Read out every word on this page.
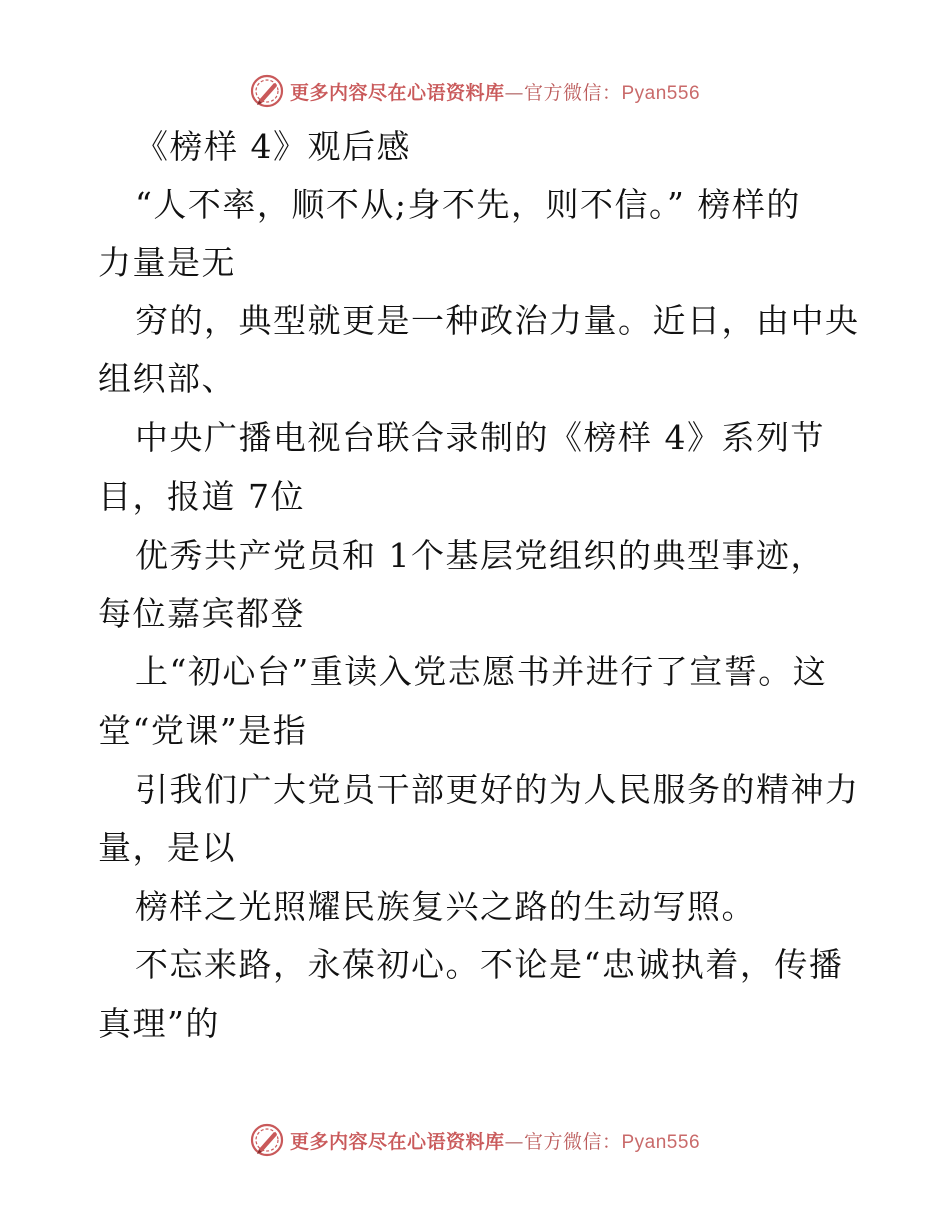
更多内容尽在心语资料库—官方微信：Pyan556
《榜样 4》观后感
“人不率，顺不从;身不先，则不信。” 榜样的
力量是无
穷的，典型就更是一种政治力量。近日，由中央
组织部、
中央广播电视台联合录制的《榜样 4》系列节
目，报道 7位
优秀共产党员和 1个基层党组织的典型事迹，
每位嘉宾都登
上“初心台”重读入党志愿书并进行了宣誓。这
堂“党课”是指
引我们广大党员干部更好的为人民服务的精神力
量，是以
榜样之光照耀民族复兴之路的生动写照。
不忘来路，永葆初心。不论是“忠诚执着，传播
真理”的
更多内容尽在心语资料库—官方微信：Pyan556
